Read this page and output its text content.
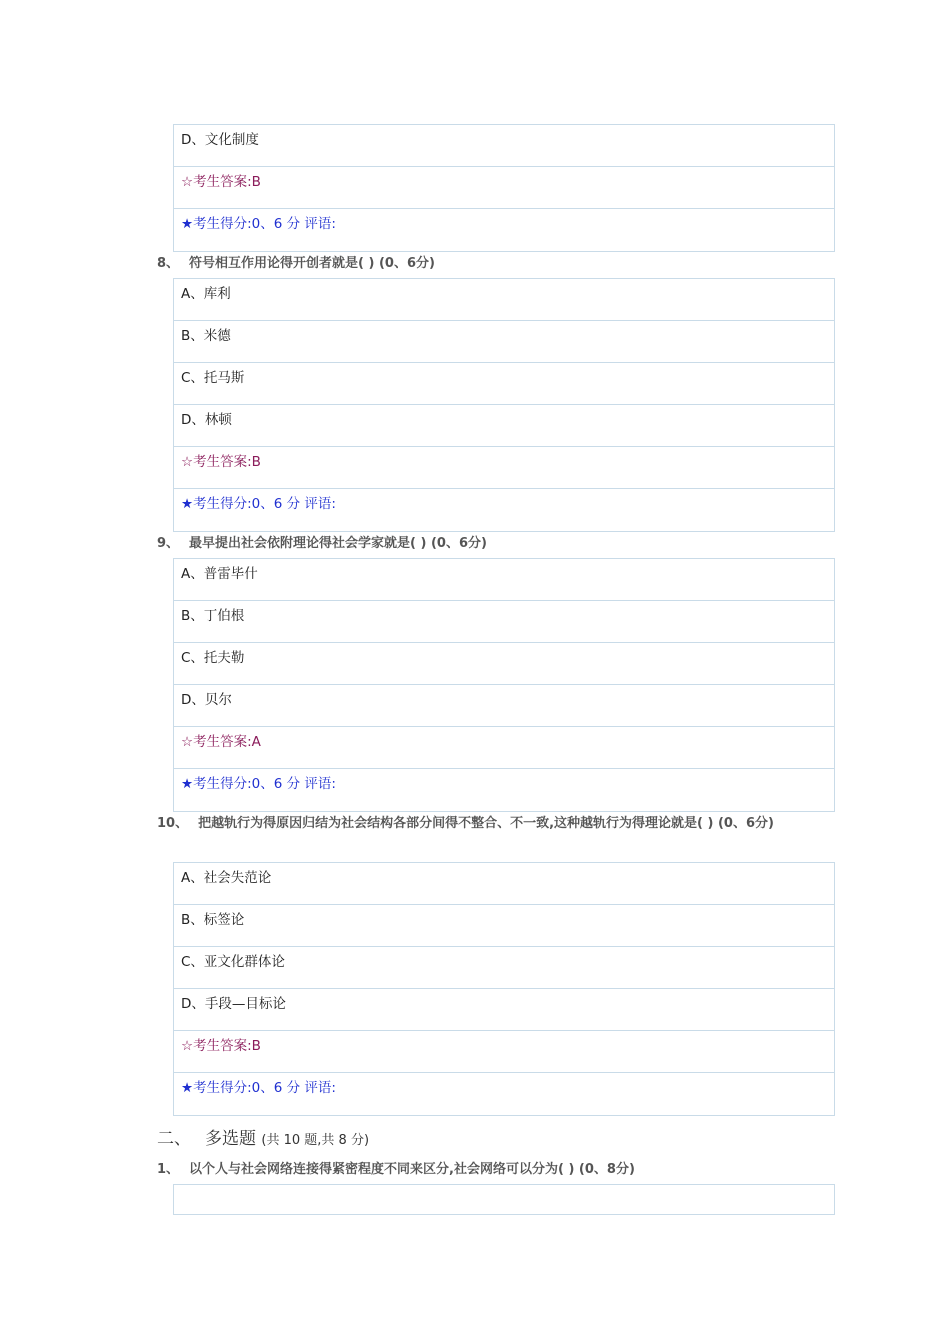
D、文化制度
☆考生答案:B
★考生得分:0、6 分 评语:
8、 符号相互作用论得开创者就是( ) (0、6分)
A、库利
B、米德
C、托马斯
D、林顿
☆考生答案:B
★考生得分:0、6 分 评语:
9、 最早提出社会依附理论得社会学家就是( ) (0、6分)
A、普雷毕什
B、丁伯根
C、托夫勒
D、贝尔
☆考生答案:A
★考生得分:0、6 分 评语:
10、 把越轨行为得原因归结为社会结构各部分间得不整合、不一致,这种越轨行为得理论就是( ) (0、6分)
A、社会失范论
B、标签论
C、亚文化群体论
D、手段—目标论
☆考生答案:B
★考生得分:0、6 分 评语:
二、 多选题 (共 10 题,共 8 分)
1、 以个人与社会网络连接得紧密程度不同来区分,社会网络可以分为( ) (0、8分)
